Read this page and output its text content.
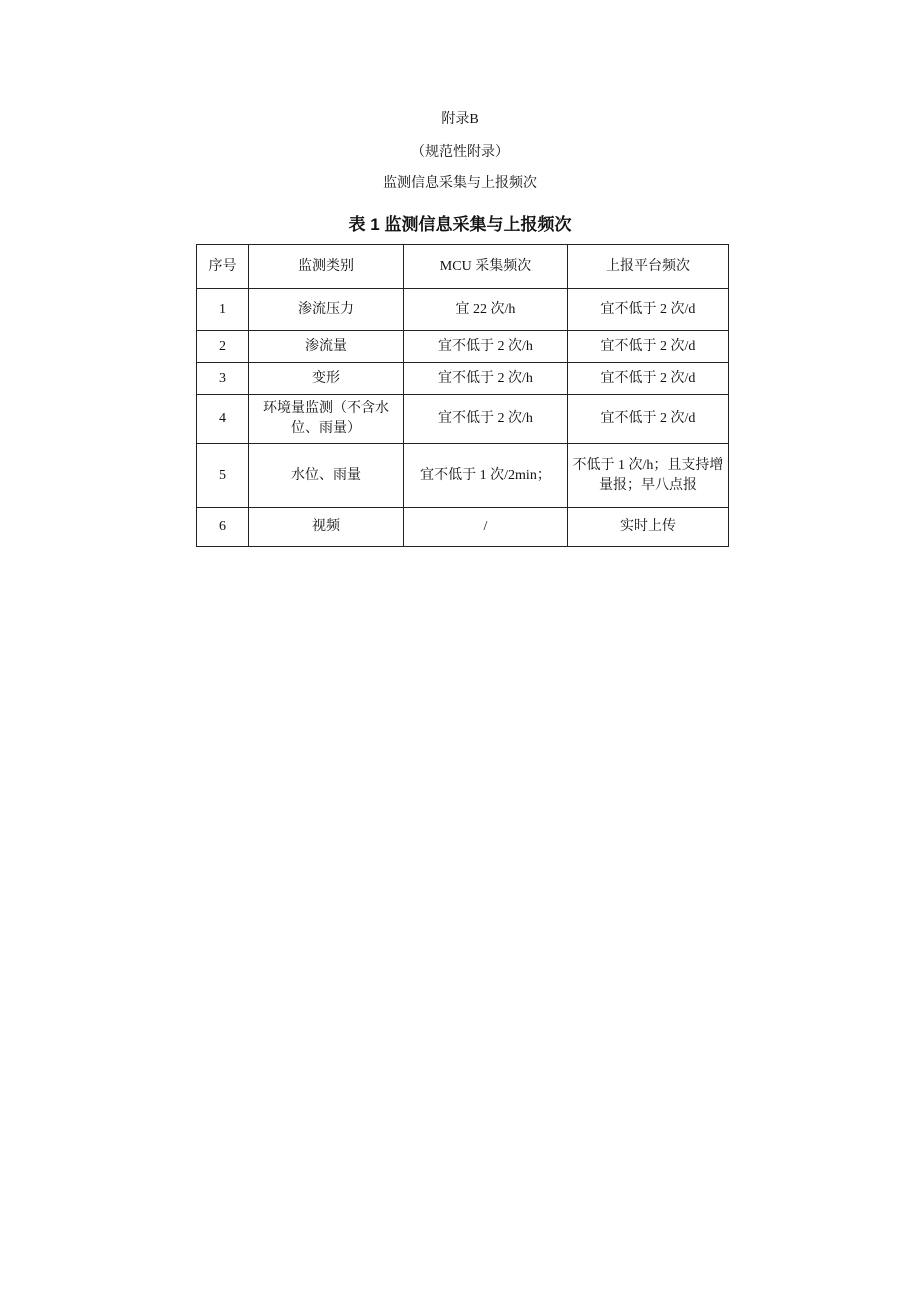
附录B
（规范性附录）
监测信息采集与上报频次
表 1 监测信息采集与上报频次
序号	监测类别	MCU 采集频次	上报平台频次
1	渗流压力	宜 22 次/h	宜不低于 2 次/d
2	渗流量	宜不低于 2 次/h	宜不低于 2 次/d
3	变形	宜不低于 2 次/h	宜不低于 2 次/d
4	环境量监测（不含水位、雨量）	宜不低于 2 次/h	宜不低于 2 次/d
5	水位、雨量	宜不低于 1 次/2min；	不低于 1 次/h；且支持增量报；早八点报
6	视频	/	实时上传
